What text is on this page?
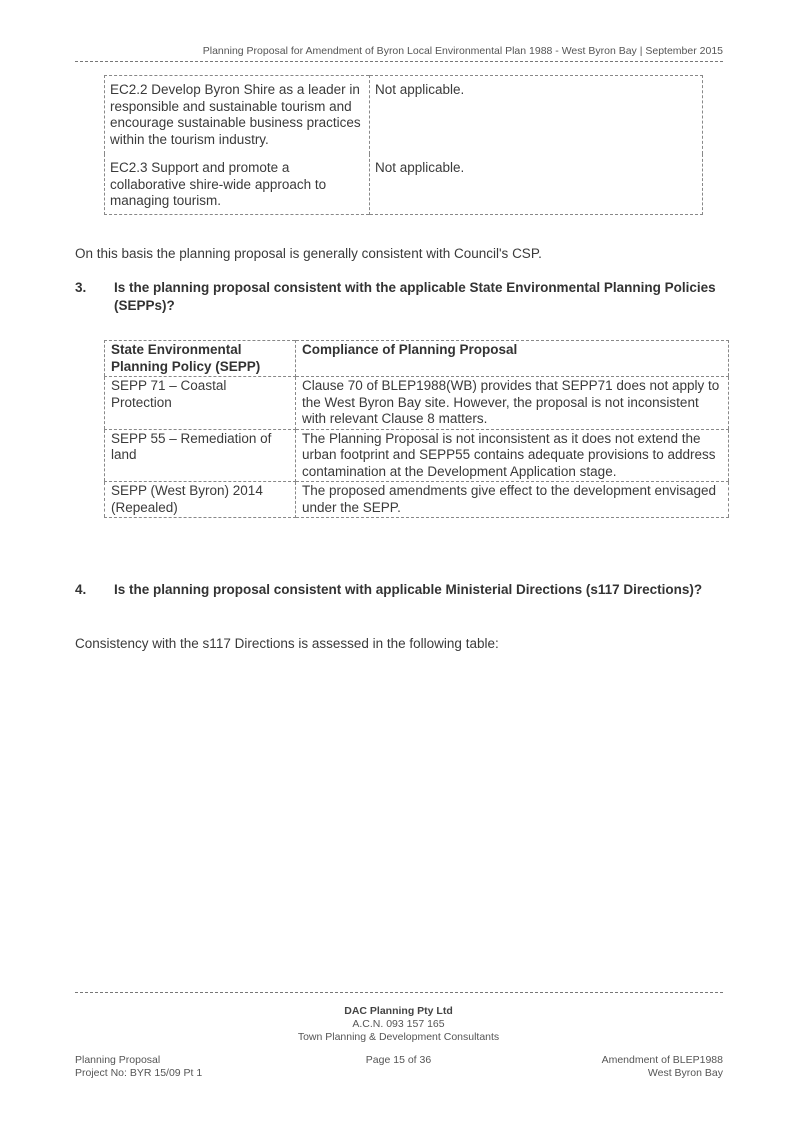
Planning Proposal for Amendment of Byron Local Environmental Plan 1988 - West Byron Bay | September 2015
EC2.2 Develop Byron Shire as a leader in responsible and sustainable tourism and encourage sustainable business practices within the tourism industry.	Not applicable.
EC2.3 Support and promote a collaborative shire-wide approach to managing tourism.	Not applicable.
On this basis the planning proposal is generally consistent with Council's CSP.
3. Is the planning proposal consistent with the applicable State Environmental Planning Policies (SEPPs)?
State Environmental Planning Policy (SEPP)	Compliance of Planning Proposal
SEPP 71 – Coastal Protection	Clause 70 of BLEP1988(WB) provides that SEPP71 does not apply to the West Byron Bay site. However, the proposal is not inconsistent with relevant Clause 8 matters.
SEPP 55 – Remediation of land	The Planning Proposal is not inconsistent as it does not extend the urban footprint and SEPP55 contains adequate provisions to address contamination at the Development Application stage.
SEPP (West Byron) 2014 (Repealed)	The proposed amendments give effect to the development envisaged under the SEPP.
4. Is the planning proposal consistent with applicable Ministerial Directions (s117 Directions)?
Consistency with the s117 Directions is assessed in the following table:
DAC Planning Pty Ltd
A.C.N. 093 157 165
Town Planning & Development Consultants
Planning Proposal
Project No: BYR 15/09 Pt 1
Page 15 of 36	Amendment of BLEP1988
West Byron Bay
